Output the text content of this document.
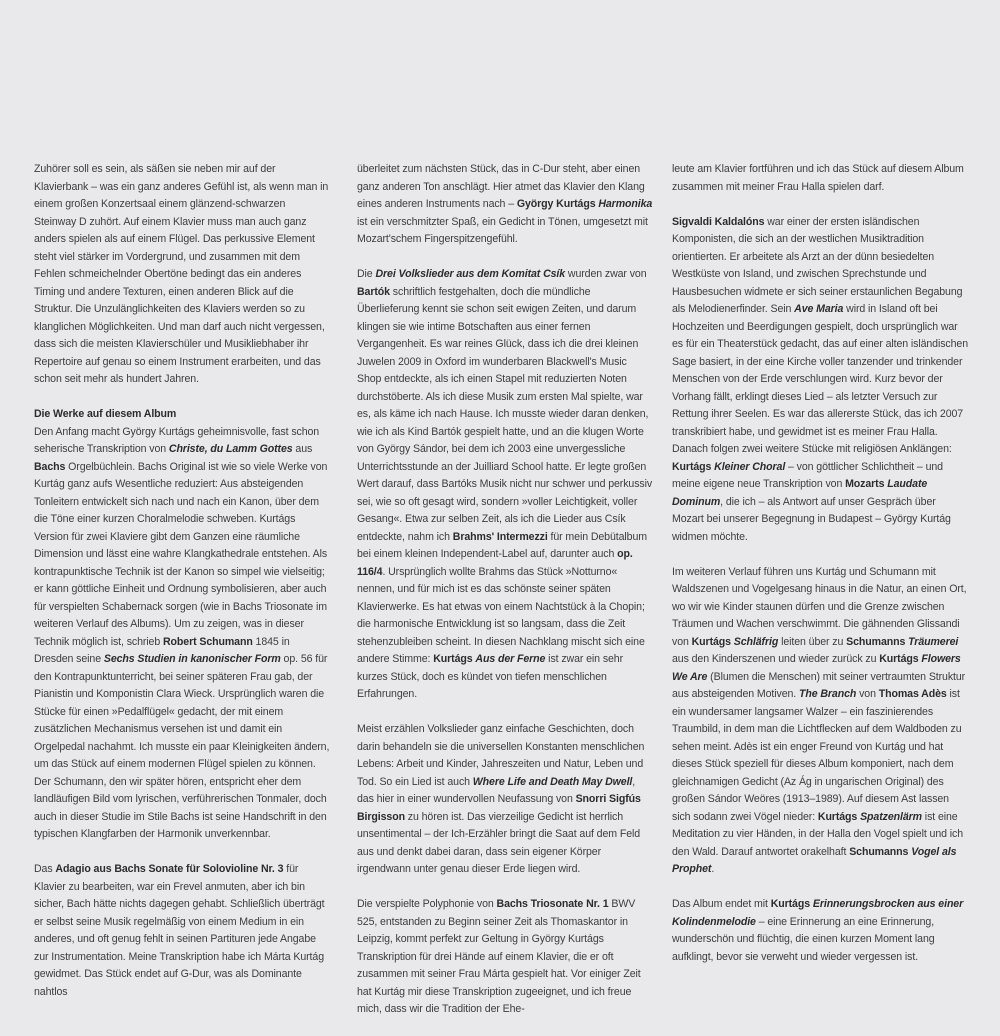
Zuhörer soll es sein, als säßen sie neben mir auf der Klavierbank – was ein ganz anderes Gefühl ist, als wenn man in einem großen Konzertsaal einem glänzend-schwarzen Steinway D zuhört. Auf einem Klavier muss man auch ganz anders spielen als auf einem Flügel. Das perkussive Element steht viel stärker im Vordergrund, und zusammen mit dem Fehlen schmeichelnder Obertöne bedingt das ein anderes Timing und andere Texturen, einen anderen Blick auf die Struktur. Die Unzulänglichkeiten des Klaviers werden so zu klanglichen Möglichkeiten. Und man darf auch nicht vergessen, dass sich die meisten Klavierschüler und Musikliebhaber ihr Repertoire auf genau so einem Instrument erarbeiten, und das schon seit mehr als hundert Jahren.

Die Werke auf diesem Album

Den Anfang macht György Kurtágs geheimnisvolle, fast schon seherische Transkription von Christe, du Lamm Gottes aus Bachs Orgelbüchlein. Bachs Original ist wie so viele Werke von Kurtág ganz aufs Wesentliche reduziert: Aus absteigenden Tonleitern entwickelt sich nach und nach ein Kanon, über dem die Töne einer kurzen Choralmelodie schweben. Kurtágs Version für zwei Klaviere gibt dem Ganzen eine räumliche Dimension und lässt eine wahre Klangkathedrale entstehen. Als kontrapunktische Technik ist der Kanon so simpel wie vielseitig; er kann göttliche Einheit und Ordnung symbolisieren, aber auch für verspielten Schabernack sorgen (wie in Bachs Triosonate im weiteren Verlauf des Albums). Um zu zeigen, was in dieser Technik möglich ist, schrieb Robert Schumann 1845 in Dresden seine Sechs Studien in kanonischer Form op. 56 für den Kontrapunktunterricht, bei seiner späteren Frau gab, der Pianistin und Komponistin Clara Wieck. Ursprünglich waren die Stücke für einen »Pedalflügel« gedacht, der mit einem zusätzlichen Mechanismus versehen ist und damit ein Orgelpedal nachahmt. Ich musste ein paar Kleinigkeiten ändern, um das Stück auf einem modernen Flügel spielen zu können. Der Schumann, den wir später hören, entspricht eher dem landläufigen Bild vom lyrischen, verführerischen Tonmaler, doch auch in dieser Studie im Stile Bachs ist seine Handschrift in den typischen Klangfarben der Harmonik unverkennbar.

Das Adagio aus Bachs Sonate für Solovioline Nr. 3 für Klavier zu bearbeiten, war ein Frevel anmuten, aber ich bin sicher, Bach hätte nichts dagegen gehabt. Schließlich überträgt er selbst seine Musik regelmäßig von einem Medium in ein anderes, und oft genug fehlt in seinen Partituren jede Angabe zur Instrumentation. Meine Transkription habe ich Márta Kurtág gewidmet. Das Stück endet auf G-Dur, was als Dominante nahtlos

überleitet zum nächsten Stück, das in C-Dur steht, aber einen ganz anderen Ton anschlägt. Hier atmet das Klavier den Klang eines anderen Instruments nach – György Kurtágs Harmonika ist ein verschmitzter Spaß, ein Gedicht in Tönen, umgesetzt mit Mozart'schem Fingerspitzengefühl.

Die Drei Volkslieder aus dem Komitat Csík wurden zwar von Bartók schriftlich festgehalten, doch die mündliche Überlieferung kennt sie schon seit ewigen Zeiten, und darum klingen sie wie intime Botschaften aus einer fernen Vergangenheit. Es war reines Glück, dass ich die drei kleinen Juwelen 2009 in Oxford im wunderbaren Blackwell's Music Shop entdeckte, als ich einen Stapel mit reduzierten Noten durchstöberte. Als ich diese Musik zum ersten Mal spielte, war es, als käme ich nach Hause. Ich musste wieder daran denken, wie ich als Kind Bartók gespielt hatte, und an die klugen Worte von György Sándor, bei dem ich 2003 eine unvergessliche Unterrichtsstunde an der Juilliard School hatte. Er legte großen Wert darauf, dass Bartóks Musik nicht nur schwer und perkussiv sei, wie so oft gesagt wird, sondern »voller Leichtigkeit, voller Gesang«. Etwa zur selben Zeit, als ich die Lieder aus Csík entdeckte, nahm ich Brahms' Intermezzi für mein Debütalbum bei einem kleinen Independent-Label auf, darunter auch op. 116/4. Ursprünglich wollte Brahms das Stück »Notturno« nennen, und für mich ist es das schönste seiner späten Klavierwerke. Es hat etwas von einem Nachtstück à la Chopin; die harmonische Entwicklung ist so langsam, dass die Zeit stehenzubleiben scheint. In diesen Nachklang mischt sich eine andere Stimme: Kurtágs Aus der Ferne ist zwar ein sehr kurzes Stück, doch es kündet von tiefen menschlichen Erfahrungen.

Meist erzählen Volkslieder ganz einfache Geschichten, doch darin behandeln sie die universellen Konstanten menschlichen Lebens: Arbeit und Kinder, Jahreszeiten und Natur, Leben und Tod. So ein Lied ist auch Where Life and Death May Dwell, das hier in einer wundervollen Neufassung von Snorri Sigfús Birgisson zu hören ist. Das vierzeilige Gedicht ist herrlich unsentimental – der Ich-Erzähler bringt die Saat auf dem Feld aus und denkt dabei daran, dass sein eigener Körper irgendwann unter genau dieser Erde liegen wird.

Die verspielte Polyphonie von Bachs Triosonate Nr. 1 BWV 525, entstanden zu Beginn seiner Zeit als Thomaskantor in Leipzig, kommt perfekt zur Geltung in György Kurtágs Transkription für drei Hände auf einem Klavier, die er oft zusammen mit seiner Frau Márta gespielt hat. Vor einiger Zeit hat Kurtág mir diese Transkription zugeeignet, und ich freue mich, dass wir die Tradition der Ehe-

leute am Klavier fortführen und ich das Stück auf diesem Album zusammen mit meiner Frau Halla spielen darf.

Sigvaldi Kaldalóns war einer der ersten isländischen Komponisten, die sich an der westlichen Musiktradition orientierten. Er arbeitete als Arzt an der dünn besiedelten Westküste von Island, und zwischen Sprechstunde und Hausbesuchen widmete er sich seiner erstaunlichen Begabung als Melodienerfinder. Sein Ave Maria wird in Island oft bei Hochzeiten und Beerdigungen gespielt, doch ursprünglich war es für ein Theaterstück gedacht, das auf einer alten isländischen Sage basiert, in der eine Kirche voller tanzender und trinkender Menschen von der Erde verschlungen wird. Kurz bevor der Vorhang fällt, erklingt dieses Lied – als letzter Versuch zur Rettung ihrer Seelen. Es war das allererste Stück, das ich 2007 transkribiert habe, und gewidmet ist es meiner Frau Halla. Danach folgen zwei weitere Stücke mit religiösen Anklängen: Kurtágs Kleiner Choral – von göttlicher Schlichtheit – und meine eigene neue Transkription von Mozarts Laudate Dominum, die ich – als Antwort auf unser Gespräch über Mozart bei unserer Begegnung in Budapest – György Kurtág widmen möchte.

Im weiteren Verlauf führen uns Kurtág und Schumann mit Waldszenen und Vogelgesang hinaus in die Natur, an einen Ort, wo wir wie Kinder staunen dürfen und die Grenze zwischen Träumen und Wachen verschwimmt. Die gähnenden Glissandi von Kurtágs Schläfrig leiten über zu Schumanns Träumerei aus den Kinderszenen und wieder zurück zu Kurtágs Flowers We Are (Blumen die Menschen) mit seiner vertraumten Struktur aus absteigenden Motiven. The Branch von Thomas Adès ist ein wundersamer langsamer Walzer – ein faszinierendes Traumbild, in dem man die Lichtflecken auf dem Waldboden zu sehen meint. Adès ist ein enger Freund von Kurtág und hat dieses Stück speziell für dieses Album komponiert, nach dem gleichnamigen Gedicht (Az Ág in ungarischen Original) des großen Sándor Weöres (1913–1989). Auf diesem Ast lassen sich sodann zwei Vögel nieder: Kurtágs Spatzenlärm ist eine Meditation zu vier Händen, in der Halla den Vogel spielt und ich den Wald. Darauf antwortet orakelhaft Schumanns Vogel als Prophet.

Das Album endet mit Kurtágs Erinnerungsbrocken aus einer Kolindenmelodie – eine Erinnerung an eine Erinnerung, wunderschön und flüchtig, die einen kurzen Moment lang aufklingt, bevor sie verweht und wieder vergessen ist.
